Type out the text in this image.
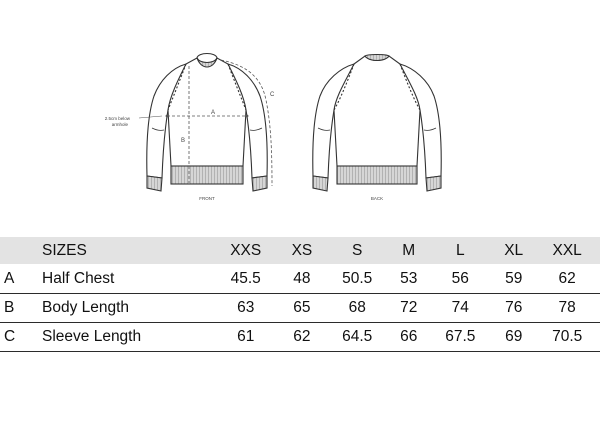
A
B
C
2.5cm below
armhole
FRONT	BACK
	SIZES	XXS	XS	S	M	L	XL	XXL
A	Half Chest	45.5	48	50.5	53	56	59	62
B	Body Length	63	65	68	72	74	76	78
C	Sleeve Length	61	62	64.5	66	67.5	69	70.5
